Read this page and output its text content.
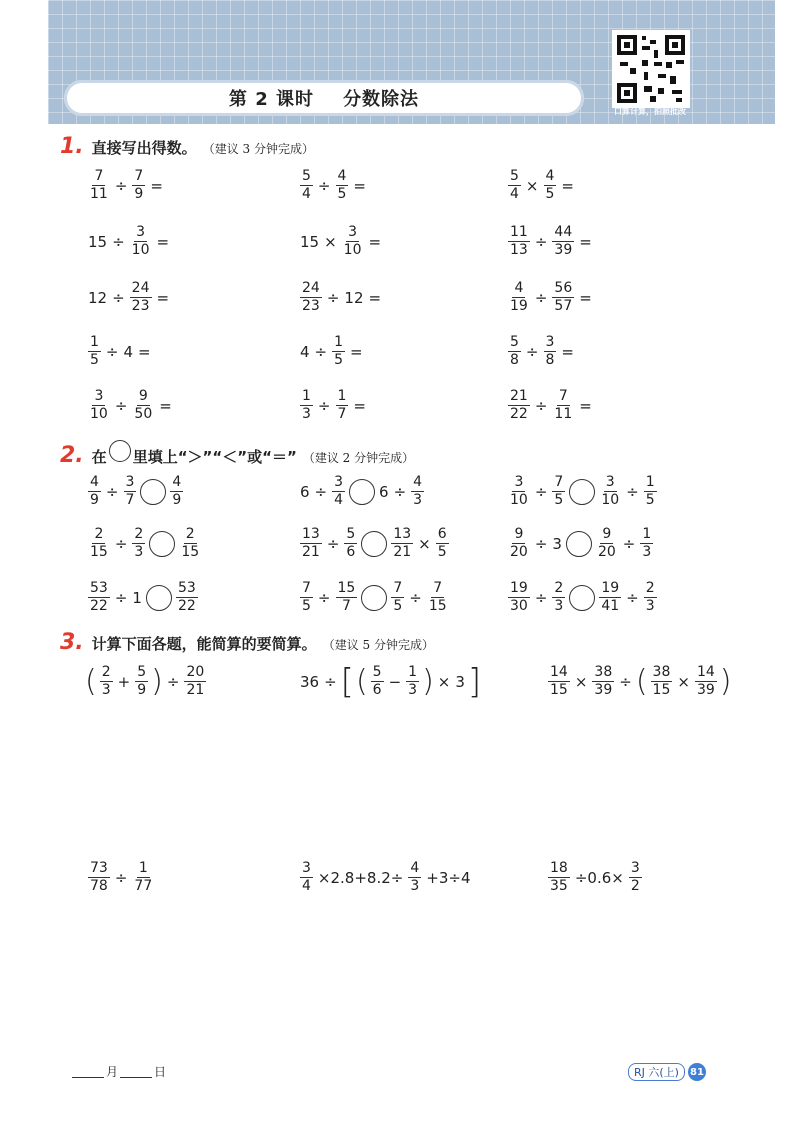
第 2 课时
分数除法
口算计算，拍照批改
1. 直接写出得数。 （建议 3 分钟完成）
$\frac{7}{11} \div \frac{7}{9}$ =	$\frac{5}{4} \div \frac{4}{5}$ =	$\frac{5}{4} \times \frac{4}{5}$ =
$15 \div \frac{3}{10}$ =	$15 \times \frac{3}{10}$ =	$\frac{11}{13} \div \frac{44}{39}$ =
$12 \div \frac{24}{23}$ =	$\frac{24}{23} \div 12$ =	$\frac{4}{19} \div \frac{56}{57}$ =
$\frac{1}{5} \div 4$ =	$4 \div \frac{1}{5}$ =	$\frac{5}{8} \div \frac{3}{8}$ =
$\frac{3}{10} \div \frac{9}{50}$ =	$\frac{1}{3} \div \frac{1}{7}$ =	$\frac{21}{22} \div \frac{7}{11}$ =
2. 在 里填上“＞”“＜”或“＝” （建议 2 分钟完成）
$\frac{4}{9} \div \frac{3}{7} \frac{4}{9}$	$6 \div \frac{3}{4} 6 \div \frac{4}{3}$	$\frac{3}{10} \div \frac{7}{5} \frac{3}{10} \div \frac{1}{5}$
$\frac{2}{15} \div \frac{2}{3} \frac{2}{15}$	$\frac{13}{21} \div \frac{5}{6} \frac{13}{21} \times \frac{6}{5}$	$\frac{9}{20} \div 3 \frac{9}{20} \div \frac{1}{3}$
$\frac{53}{22} \div 1 \frac{53}{22}$	$\frac{7}{5} \div \frac{15}{7} \frac{7}{5} \div \frac{7}{15}$	$\frac{19}{30} \div \frac{2}{3} \frac{19}{41} \div \frac{2}{3}$
3. 计算下面各题，能简算的要简算。 （建议 5 分钟完成）
( $\frac{2}{3} + \frac{5}{9}$ ) ÷ $\frac{20}{21}$	36 ÷ [ ( $\frac{5}{6} - \frac{1}{3}$ ) × 3 ]	$\frac{14}{15} \times \frac{38}{39}$ ÷ ( $\frac{38}{15} \times \frac{14}{39}$ )
$\frac{73}{78} \div \frac{1}{77}$	$\frac{3}{4} \times 2.8+8.2\div \frac{4}{3} +3\div 4$	$\frac{18}{35} \div 0.6\times \frac{3}{2}$
月	日	RJ 六(上)	81
